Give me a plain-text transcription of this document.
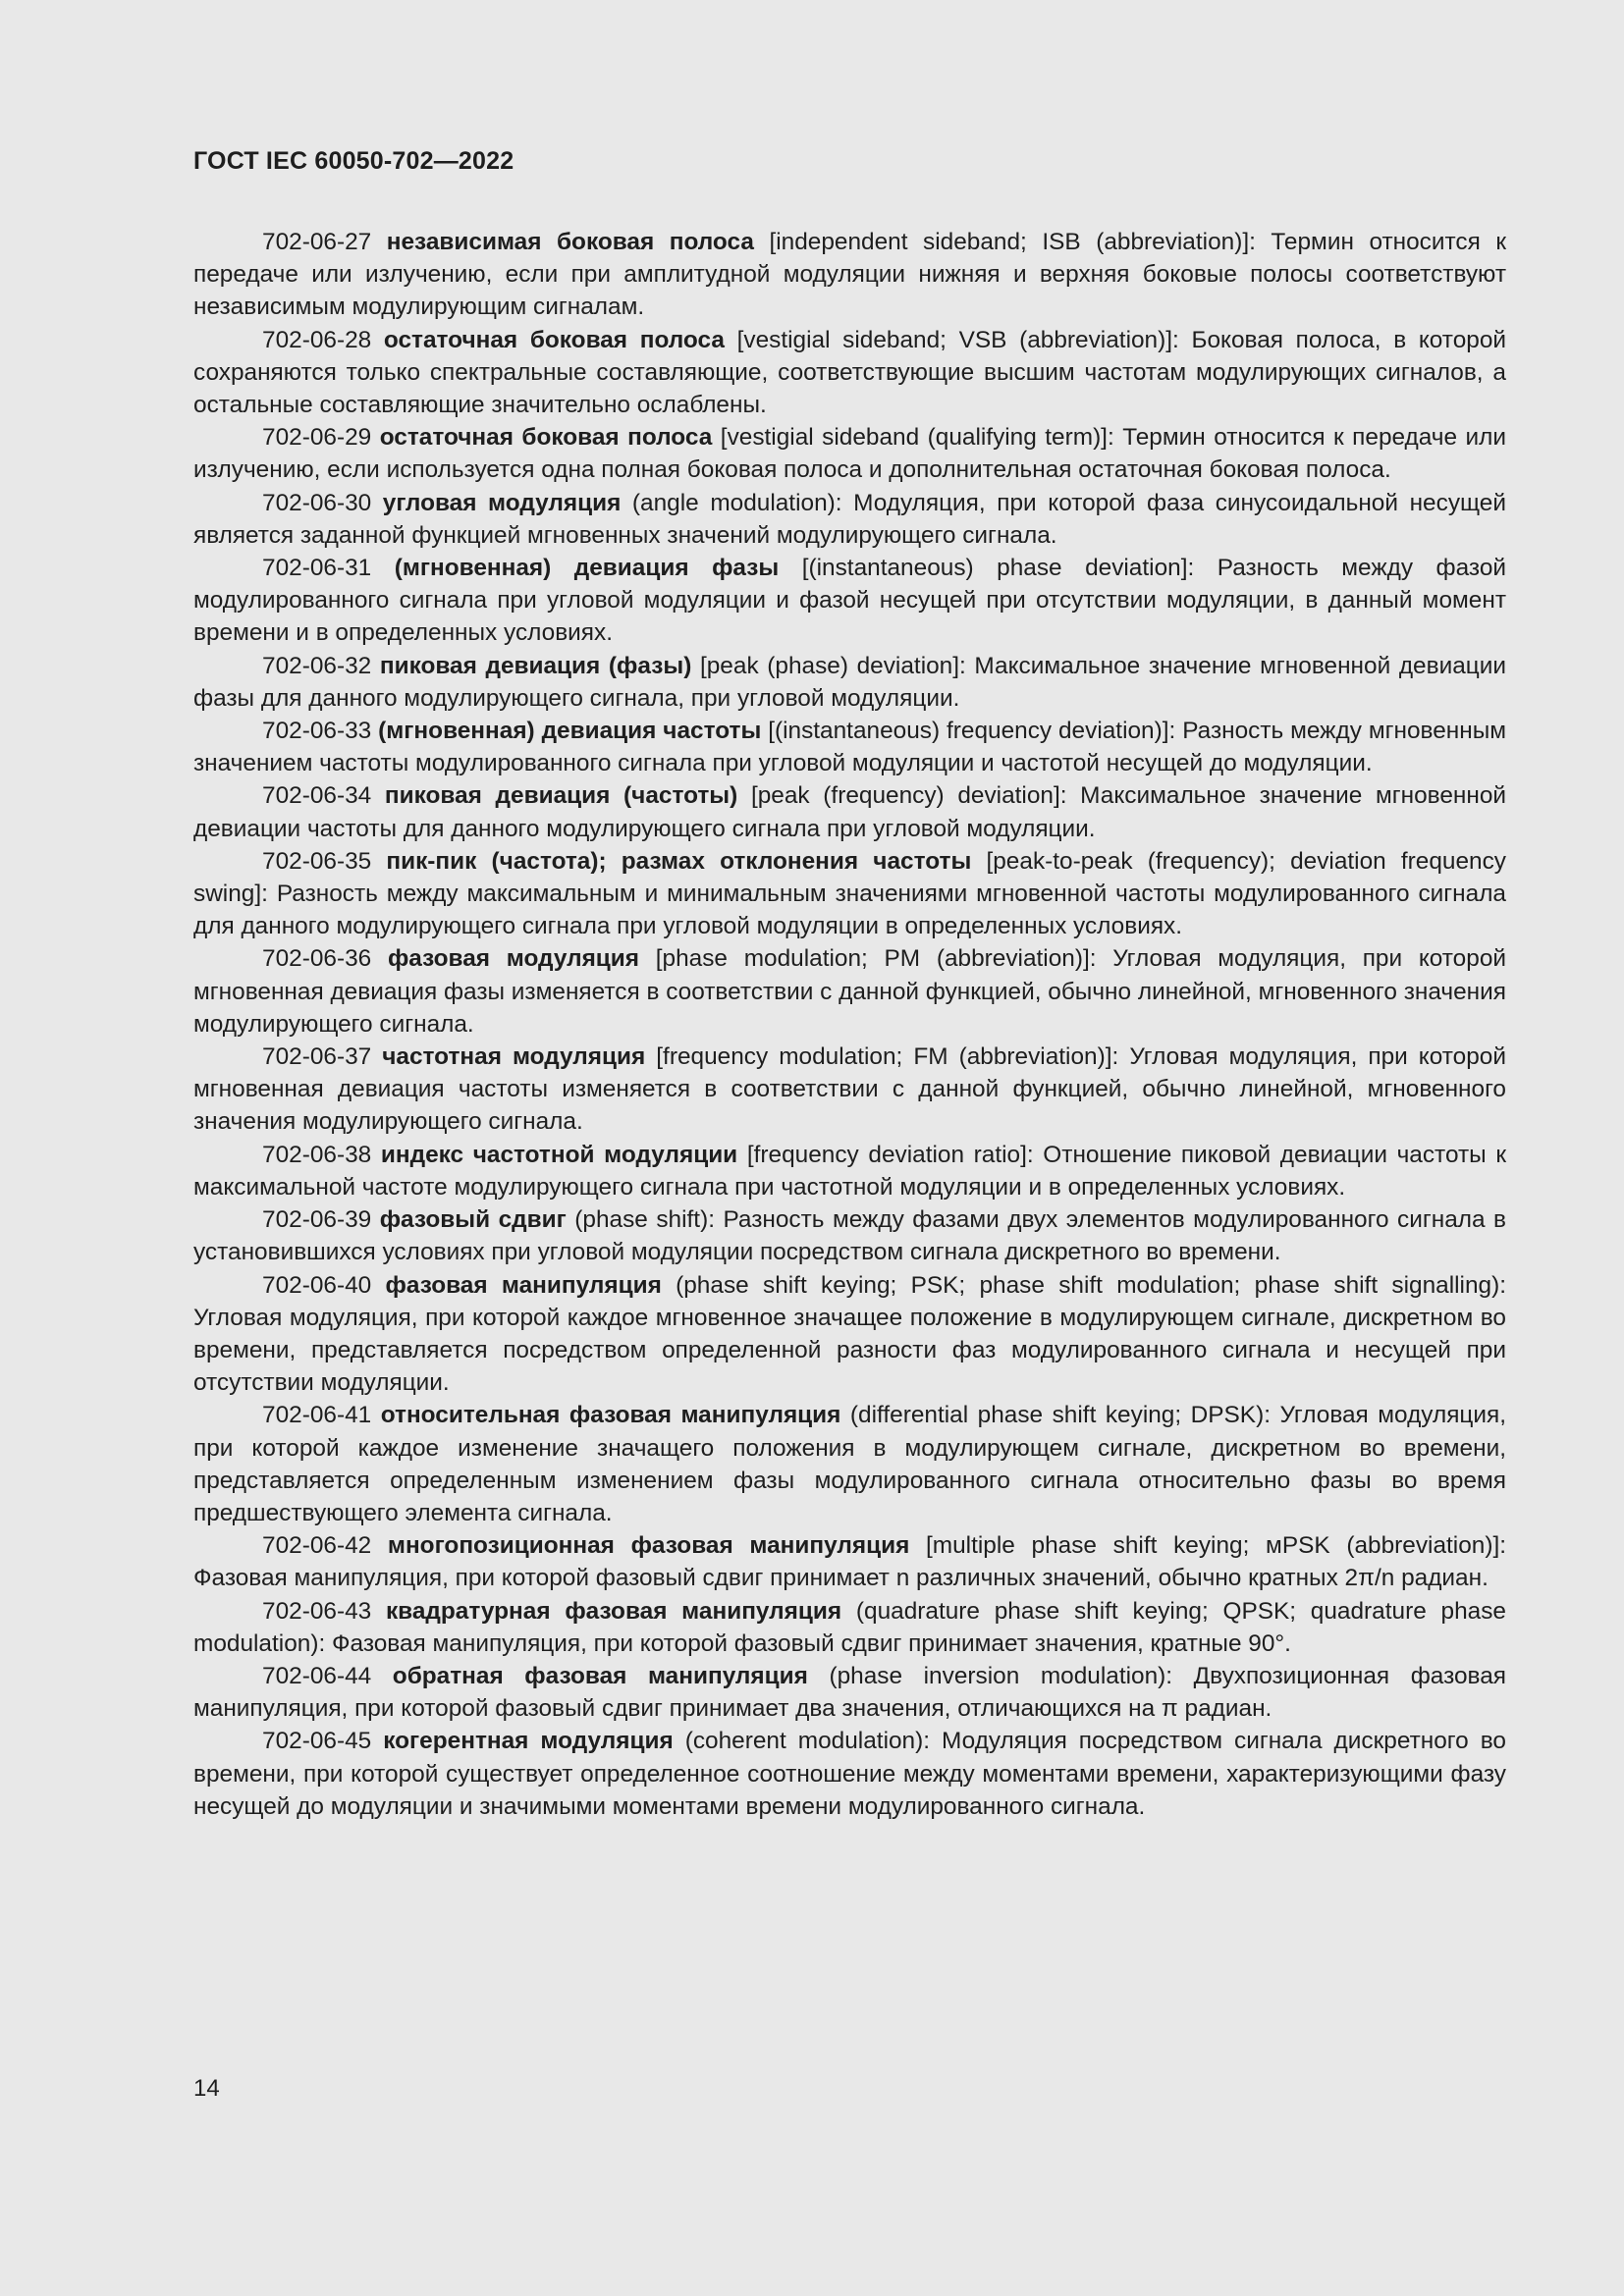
ГОСТ IEC 60050-702—2022

702-06-27 независимая боковая полоса [independent sideband; ISB (abbreviation)]: Термин относится к передаче или излучению, если при амплитудной модуляции нижняя и верхняя боковые полосы соответствуют независимым модулирующим сигналам.

702-06-28 остаточная боковая полоса [vestigial sideband; VSB (abbreviation)]: Боковая полоса, в которой сохраняются только спектральные составляющие, соответствующие высшим частотам модулирующих сигналов, а остальные составляющие значительно ослаблены.

702-06-29 остаточная боковая полоса [vestigial sideband (qualifying term)]: Термин относится к передаче или излучению, если используется одна полная боковая полоса и дополнительная остаточная боковая полоса.

702-06-30 угловая модуляция (angle modulation): Модуляция, при которой фаза синусоидальной несущей является заданной функцией мгновенных значений модулирующего сигнала.

702-06-31 (мгновенная) девиация фазы [(instantaneous) phase deviation]: Разность между фазой модулированного сигнала при угловой модуляции и фазой несущей при отсутствии модуляции, в данный момент времени и в определенных условиях.

702-06-32 пиковая девиация (фазы) [peak (phase) deviation]: Максимальное значение мгновенной девиации фазы для данного модулирующего сигнала, при угловой модуляции.

702-06-33 (мгновенная) девиация частоты [(instantaneous) frequency deviation)]: Разность между мгновенным значением частоты модулированного сигнала при угловой модуляции и частотой несущей до модуляции.

702-06-34 пиковая девиация (частоты) [peak (frequency) deviation]: Максимальное значение мгновенной девиации частоты для данного модулирующего сигнала при угловой модуляции.

702-06-35 пик-пик (частота); размах отклонения частоты [peak-to-peak (frequency); deviation frequency swing]: Разность между максимальным и минимальным значениями мгновенной частоты модулированного сигнала для данного модулирующего сигнала при угловой модуляции в определенных условиях.

702-06-36 фазовая модуляция [phase modulation; PM (abbreviation)]: Угловая модуляция, при которой мгновенная девиация фазы изменяется в соответствии с данной функцией, обычно линейной, мгновенного значения модулирующего сигнала.

702-06-37 частотная модуляция [frequency modulation; FM (abbreviation)]: Угловая модуляция, при которой мгновенная девиация частоты изменяется в соответствии с данной функцией, обычно линейной, мгновенного значения модулирующего сигнала.

702-06-38 индекс частотной модуляции [frequency deviation ratio]: Отношение пиковой девиации частоты к максимальной частоте модулирующего сигнала при частотной модуляции и в определенных условиях.

702-06-39 фазовый сдвиг (phase shift): Разность между фазами двух элементов модулированного сигнала в установившихся условиях при угловой модуляции посредством сигнала дискретного во времени.

702-06-40 фазовая манипуляция (phase shift keying; PSK; phase shift modulation; phase shift signalling): Угловая модуляция, при которой каждое мгновенное значащее положение в модулирующем сигнале, дискретном во времени, представляется посредством определенной разности фаз модулированного сигнала и несущей при отсутствии модуляции.

702-06-41 относительная фазовая манипуляция (differential phase shift keying; DPSK): Угловая модуляция, при которой каждое изменение значащего положения в модулирующем сигнале, дискретном во времени, представляется определенным изменением фазы модулированного сигнала относительно фазы во время предшествующего элемента сигнала.

702-06-42 многопозиционная фазовая манипуляция [multiple phase shift keying; мPSK (abbreviation)]: Фазовая манипуляция, при которой фазовый сдвиг принимает n различных значений, обычно кратных 2π/n радиан.

702-06-43 квадратурная фазовая манипуляция (quadrature phase shift keying; QPSK; quadrature phase modulation): Фазовая манипуляция, при которой фазовый сдвиг принимает значения, кратные 90°.

702-06-44 обратная фазовая манипуляция (phase inversion modulation): Двухпозиционная фазовая манипуляция, при которой фазовый сдвиг принимает два значения, отличающихся на π радиан.

702-06-45 когерентная модуляция (coherent modulation): Модуляция посредством сигнала дискретного во времени, при которой существует определенное соотношение между моментами времени, характеризующими фазу несущей до модуляции и значимыми моментами времени модулированного сигнала.

14
